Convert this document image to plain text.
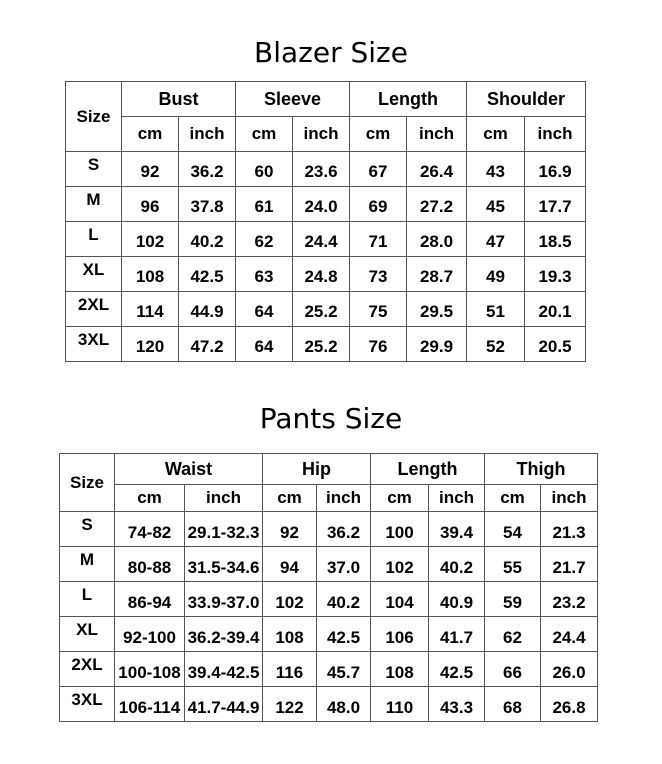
Blazer Size
Size	Bust		Sleeve		Length		Shoulder	
	cm	inch	cm	inch	cm	inch	cm	inch
S	92	36.2	60	23.6	67	26.4	43	16.9
M	96	37.8	61	24.0	69	27.2	45	17.7
L	102	40.2	62	24.4	71	28.0	47	18.5
XL	108	42.5	63	24.8	73	28.7	49	19.3
2XL	114	44.9	64	25.2	75	29.5	51	20.1
3XL	120	47.2	64	25.2	76	29.9	52	20.5
Pants Size
Size	Waist		Hip		Length		Thigh	
	cm	inch	cm	inch	cm	inch	cm	inch
S	74-82	29.1-32.3	92	36.2	100	39.4	54	21.3
M	80-88	31.5-34.6	94	37.0	102	40.2	55	21.7
L	86-94	33.9-37.0	102	40.2	104	40.9	59	23.2
XL	92-100	36.2-39.4	108	42.5	106	41.7	62	24.4
2XL	100-108	39.4-42.5	116	45.7	108	42.5	66	26.0
3XL	106-114	41.7-44.9	122	48.0	110	43.3	68	26.8
